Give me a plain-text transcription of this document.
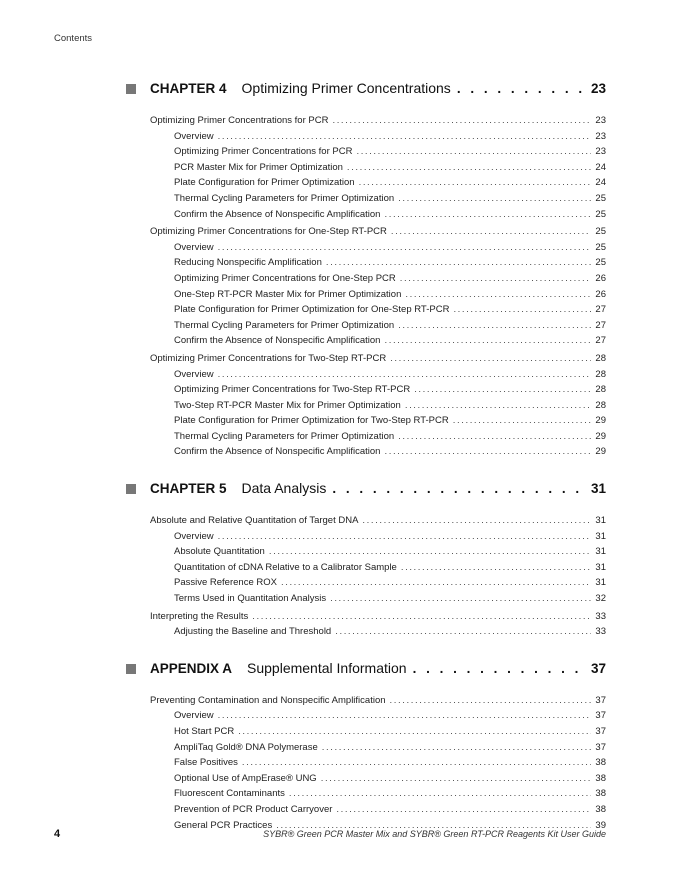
Contents
CHAPTER 4 Optimizing Primer Concentrations . . .	23
Optimizing Primer Concentrations for PCR .....	23
Overview .....	23
Optimizing Primer Concentrations for PCR .....	23
PCR Master Mix for Primer Optimization .....	24
Plate Configuration for Primer Optimization .....	24
Thermal Cycling Parameters for Primer Optimization .....	25
Confirm the Absence of Nonspecific Amplification .....	25
Optimizing Primer Concentrations for One-Step RT-PCR .....	25
Overview .....	25
Reducing Nonspecific Amplification .....	25
Optimizing Primer Concentrations for One-Step PCR .....	26
One-Step RT-PCR Master Mix for Primer Optimization .....	26
Plate Configuration for Primer Optimization for One-Step RT-PCR .....	27
Thermal Cycling Parameters for Primer Optimization .....	27
Confirm the Absence of Nonspecific Amplification .....	27
Optimizing Primer Concentrations for Two-Step RT-PCR .....	28
Overview .....	28
Optimizing Primer Concentrations for Two-Step RT-PCR .....	28
Two-Step RT-PCR Master Mix for Primer Optimization .....	28
Plate Configuration for Primer Optimization for Two-Step RT-PCR .....	29
Thermal Cycling Parameters for Primer Optimization .....	29
Confirm the Absence of Nonspecific Amplification .....	29
CHAPTER 5 Data Analysis . . .	31
Absolute and Relative Quantitation of Target DNA .....	31
Overview .....	31
Absolute Quantitation .....	31
Quantitation of cDNA Relative to a Calibrator Sample .....	31
Passive Reference ROX .....	31
Terms Used in Quantitation Analysis .....	32
Interpreting the Results .....	33
Adjusting the Baseline and Threshold .....	33
APPENDIX A Supplemental Information . . .	37
Preventing Contamination and Nonspecific Amplification .....	37
Overview .....	37
Hot Start PCR .....	37
AmpliTaq Gold® DNA Polymerase .....	37
False Positives .....	38
Optional Use of AmpErase® UNG .....	38
Fluorescent Contaminants .....	38
Prevention of PCR Product Carryover .....	38
General PCR Practices .....	39
4	SYBR® Green PCR Master Mix and SYBR® Green RT-PCR Reagents Kit User Guide
